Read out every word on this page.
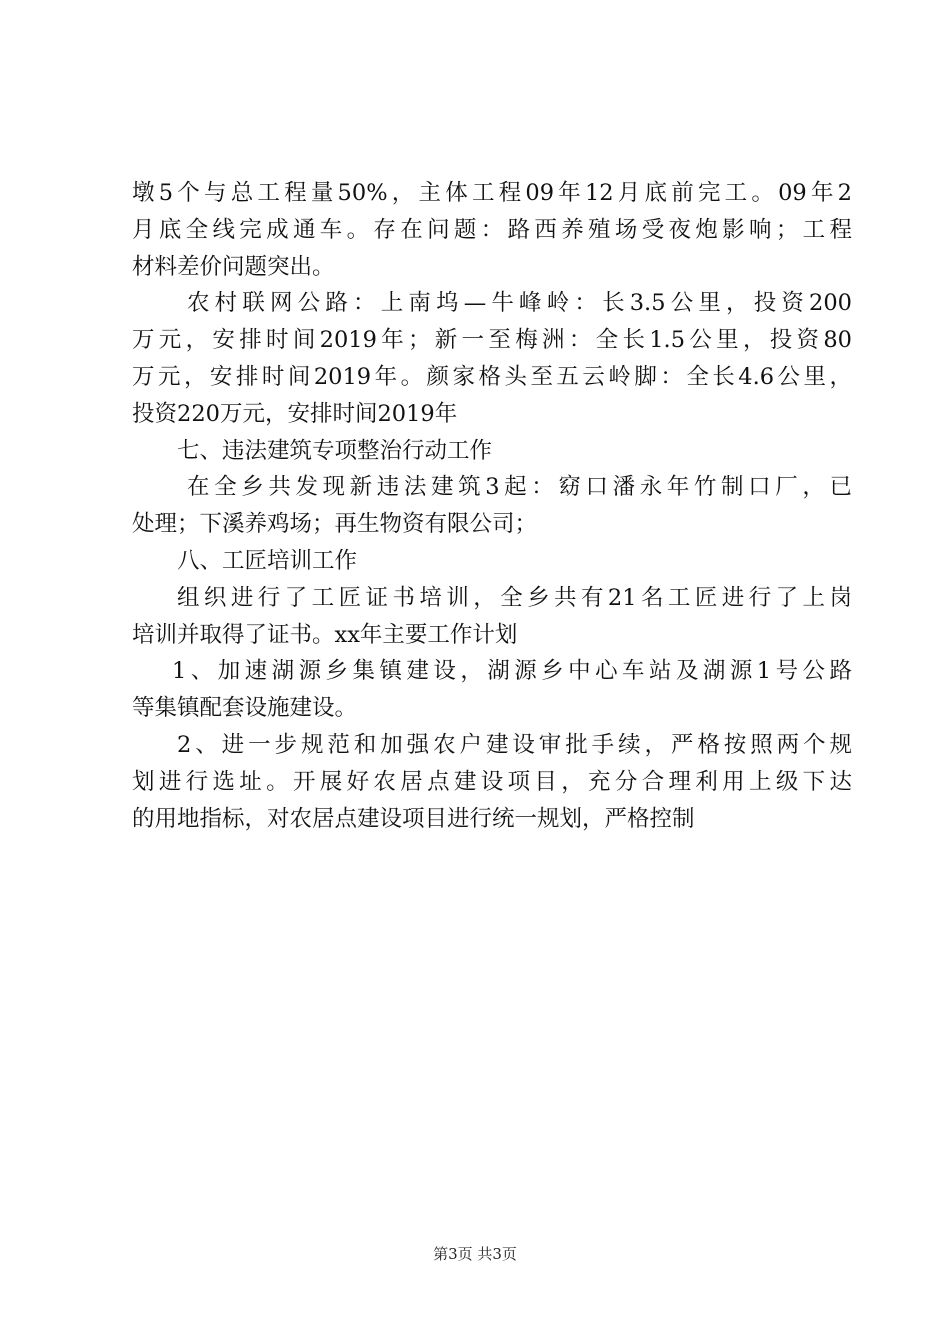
墩5个与总工程量50%，主体工程09年12月底前完工。09年2
月底全线完成通车。存在问题：路西养殖场受夜炮影响；工程
材料差价问题突出。
农村联网公路：上南坞—牛峰岭：长3.5公里，投资200
万元，安排时间2019年；新一至梅洲：全长1.5公里，投资80
万元，安排时间2019年。颜家格头至五云岭脚：全长4.6公里，
投资220万元，安排时间2019年
七、违法建筑专项整治行动工作
在全乡共发现新违法建筑3起：窈口潘永年竹制口厂，已
处理；下溪养鸡场；再生物资有限公司；
八、工匠培训工作
组织进行了工匠证书培训，全乡共有21名工匠进行了上岗
培训并取得了证书。xx年主要工作计划
1、加速湖源乡集镇建设，湖源乡中心车站及湖源1号公路
等集镇配套设施建设。
2、进一步规范和加强农户建设审批手续，严格按照两个规
划进行选址。开展好农居点建设项目，充分合理利用上级下达
的用地指标，对农居点建设项目进行统一规划，严格控制
第3页 共3页
